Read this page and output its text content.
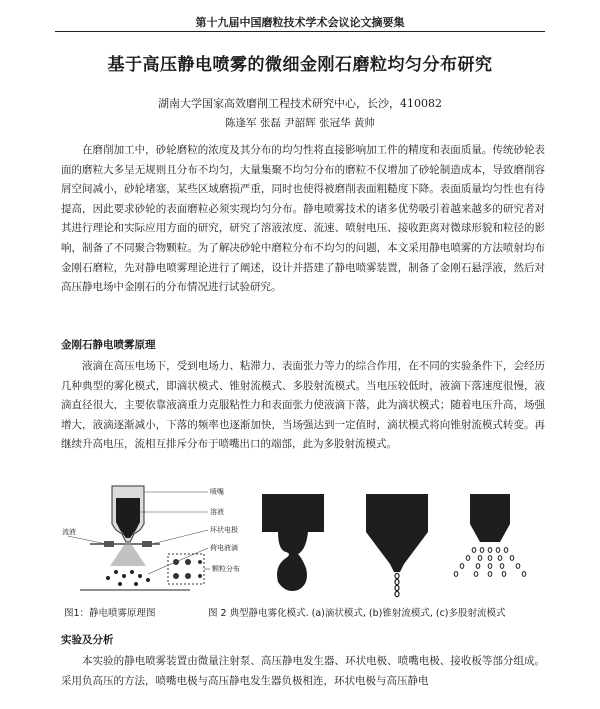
第十九届中国磨粒技术学术会议论文摘要集
基于高压静电喷雾的微细金刚石磨粒均匀分布研究
湖南大学国家高效磨削工程技术研究中心，长沙，410082
陈逢军 张磊 尹韶辉 张冠华 黄帅

在磨削加工中，砂轮磨粒的浓度及其分布的均匀性将直接影响加工件的精度和表面质量。传统砂轮表面的磨粒大多呈无规则且分布不均匀，大量集聚不均匀分布的磨粒不仅增加了砂轮制造成本，导致磨削容屑空间减小，砂轮堵塞，某些区域磨损严重，同时也使得被磨削表面粗糙度下降。表面质量均匀性也有待提高，因此要求砂轮的表面磨粒必须实现均匀分布。静电喷雾技术的诸多优势吸引着越来越多的研究者对其进行理论和实际应用方面的研究，研究了溶液浓度、流速、喷射电压、接收距离对微球形貌和粒径的影响，制备了不同聚合物颗粒。为了解决砂轮中磨粒分布不均匀的问题，本文采用静电喷雾的方法喷射均布金刚石磨粒，先对静电喷雾理论进行了阐述，设计并搭建了静电喷雾装置，制备了金刚石悬浮液，然后对高压静电场中金刚石的分布情况进行试验研究。

金刚石静电喷雾原理

液滴在高压电场下，受到电场力、粘滞力、表面张力等力的综合作用，在不同的实验条件下，会经历几种典型的雾化模式，即滴状模式、锥射流模式、多股射流模式。当电压较低时，液滴下落速度很慢，液滴直径很大，主要依靠液滴重力克服粘性力和表面张力使液滴下落，此为滴状模式；随着电压升高，场强增大，液滴逐渐减小，下落的频率也逐渐加快，当场强达到一定值时，滴状模式将向锥射流模式转变。再继续升高电压，流相互排斥分布于喷嘴出口的端部，此为多股射流模式。

喷嘴
溶液
环状电极
荷电液滴
颗粒分布
流液
图1：静电喷雾原理图	图 2 典型静电雾化模式. (a)滴状模式, (b)锥射流模式, (c)多股射流模式
实验及分析

本实验的静电喷雾装置由微量注射泵、高压静电发生器、环状电极、喷嘴电极、接收板等部分组成。采用负高压的方法，喷嘴电极与高压静电发生器负极相连，环状电极与高压静电
